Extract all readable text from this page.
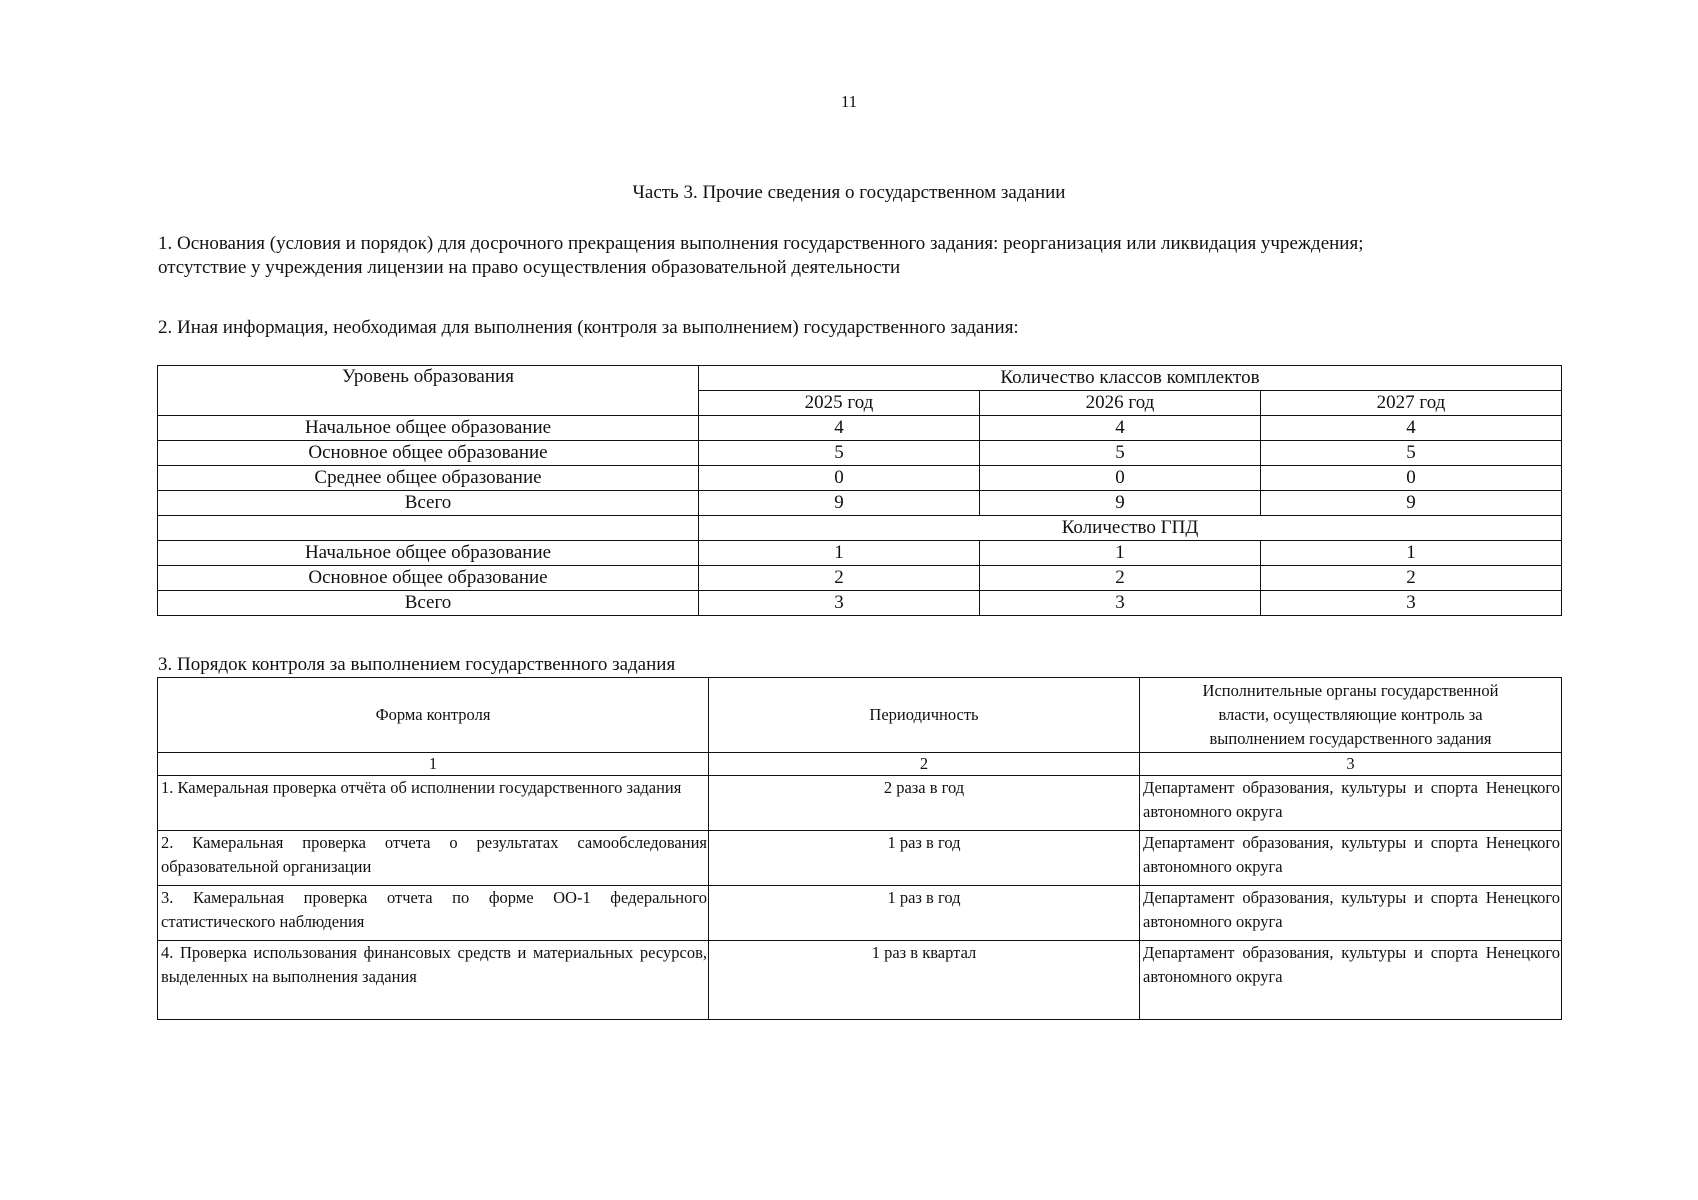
11
Часть 3. Прочие сведения о государственном задании
1. Основания (условия и порядок) для досрочного прекращения выполнения государственного задания: реорганизация или ликвидация учреждения;
отсутствие у учреждения лицензии на право осуществления образовательной деятельности
2. Иная информация, необходимая для выполнения (контроля за выполнением) государственного задания:
Уровень образования	Количество классов комплектов		
	2025 год	2026 год	2027 год
Начальное общее образование	4	4	4
Основное общее образование	5	5	5
Среднее общее образование	0	0	0
Всего	9	9	9
	Количество ГПД		
Начальное общее образование	1	1	1
Основное общее образование	2	2	2
Всего	3	3	3
3. Порядок контроля за выполнением государственного задания
Форма контроля	Периодичность	Исполнительные органы государственной власти, осуществляющие контроль за выполнением государственного задания
1	2	3
1. Камеральная проверка отчёта об исполнении государственного задания	2 раза в год	Департамент образования, культуры и спорта Ненецкого автономного округа
2. Камеральная проверка отчета о результатах самообследования образовательной организации	1 раз в год	Департамент образования, культуры и спорта Ненецкого автономного округа
3. Камеральная проверка отчета по форме ОО-1 федерального статистического наблюдения	1 раз в год	Департамент образования, культуры и спорта Ненецкого автономного округа
4. Проверка использования финансовых средств и материальных ресурсов, выделенных на выполнения задания	1 раз в квартал	Департамент образования, культуры и спорта Ненецкого автономного округа
